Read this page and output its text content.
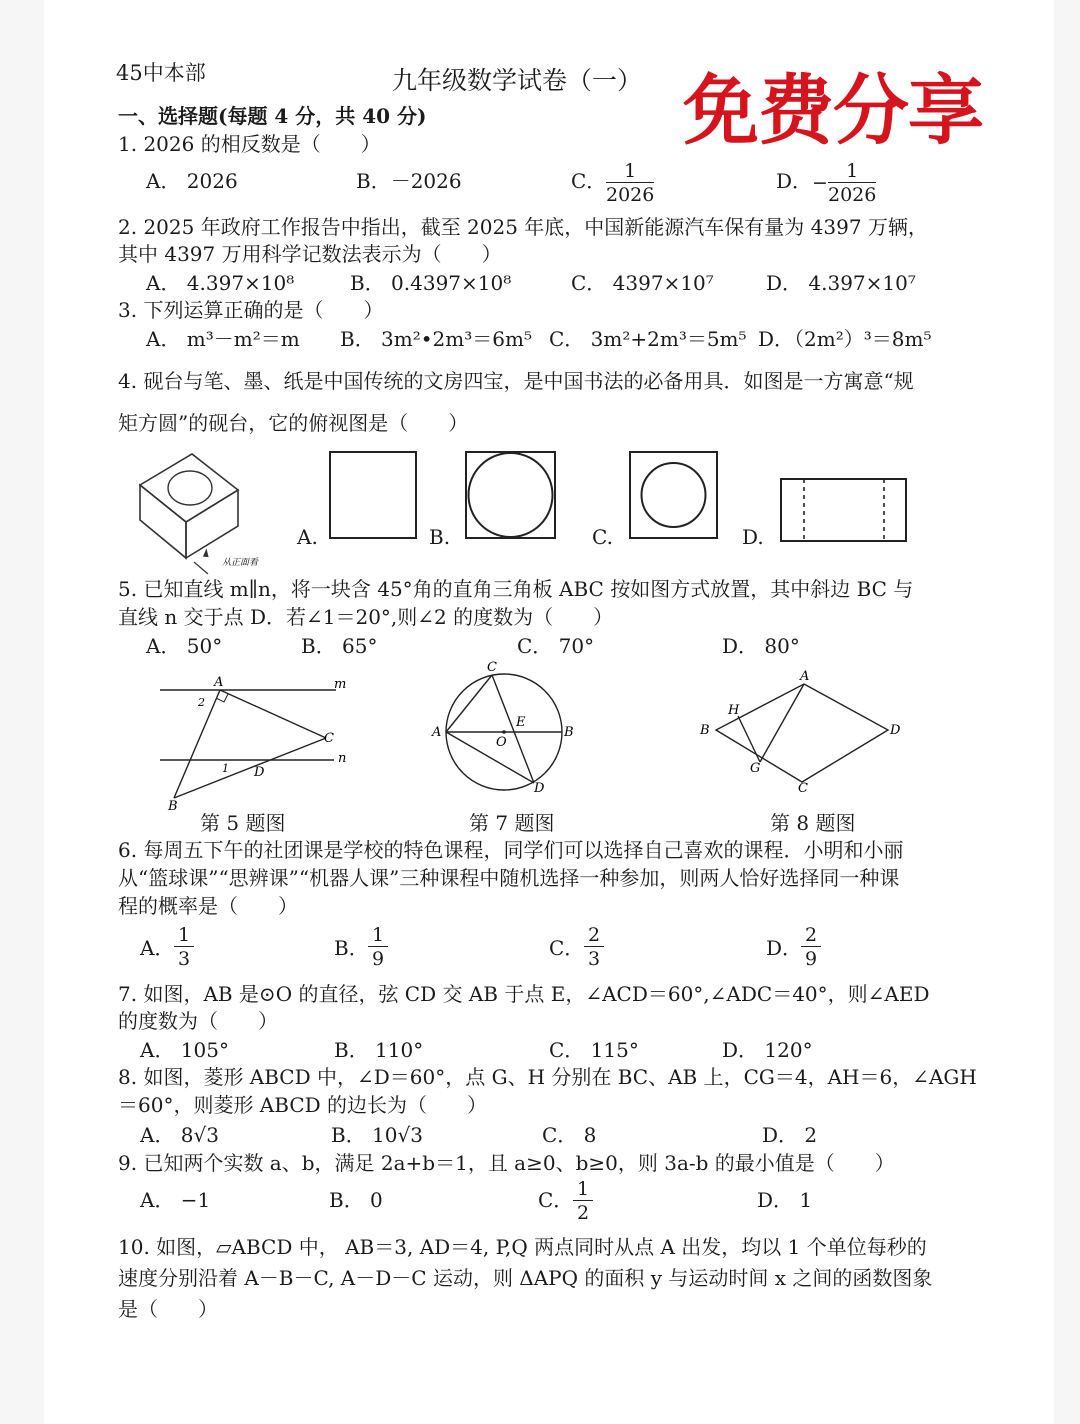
45中本部	九年级数学试卷（一） 免费分享
一、选择题(每题 4 分，共 40 分)
1. 2026 的相反数是（　　）
A． 2026	B．－2026	C． $\frac{1}{2026}$	D． −
1
2026
2. 2025 年政府工作报告中指出，截至 2025 年底，中国新能源汽车保有量为 4397 万辆，
其中 4397 万用科学记数法表示为（　　）
A． 4.397×10⁸	B． 0.4397×10⁸	C． 4397×10⁷	D． 4.397×10⁷
3. 下列运算正确的是（　　）
A． m³－m²＝m B． 3m²•2m³＝6m⁵ C． 3m²+2m³＝5m⁵ D．（2m²）³＝8m⁵
4. 砚台与笔、墨、纸是中国传统的文房四宝，是中国书法的必备用具．如图是一方寓意“规
矩方圆”的砚台，它的俯视图是（　　）
从正面看
A.	B.	C.	D.
5. 已知直线 m∥n，将一块含 45°角的直角三角板 ABC 按如图方式放置，其中斜边 BC 与
直线 n 交于点 D．若∠1＝20°,则∠2 的度数为（　　）
A． 50°	B． 65°	C． 70°	D． 80°
A	m
C
n
D
B
2
1
第 5 题图
C
A	B
E
O
D
第 7 题图
A
D
C
B
H
G
第 8 题图
6. 每周五下午的社团课是学校的特色课程，同学们可以选择自己喜欢的课程．小明和小丽
从“篮球课”“思辨课”“机器人课”三种课程中随机选择一种参加，则两人恰好选择同一种课
程的概率是（　　）
A． $\frac{1}{3}$	B． $\frac{1}{9}$	C． $\frac{2}{3}$	D．
$\frac{2}{9}$
7. 如图，AB 是⊙O 的直径，弦 CD 交 AB 于点 E，∠ACD＝60°,∠ADC＝40°，则∠AED
的度数为（　　）
A． 105°	B． 110°	C． 115°	D． 120°
8. 如图，菱形 ABCD 中，∠D＝60°，点 G、H 分别在 BC、AB 上，CG＝4，AH＝6，∠AGH
＝60°，则菱形 ABCD 的边长为（　　）
A． 8√3	B． 10√3	C． 8	D． 2
9. 已知两个实数 a、b，满足 2a+b＝1，且 a≥0、b≥0，则 3a-b 的最小值是（　　）
A． −1	B． 0	C． $\frac{1}{2}$	D． 1
10. 如图，▱ABCD 中， AB＝3, AD＝4, P,Q 两点同时从点 A 出发，均以 1 个单位每秒的
速度分别沿着 A－B－C, A－D－C 运动，则 ΔAPQ 的面积 y 与运动时间 x 之间的函数图象
是（　　）
